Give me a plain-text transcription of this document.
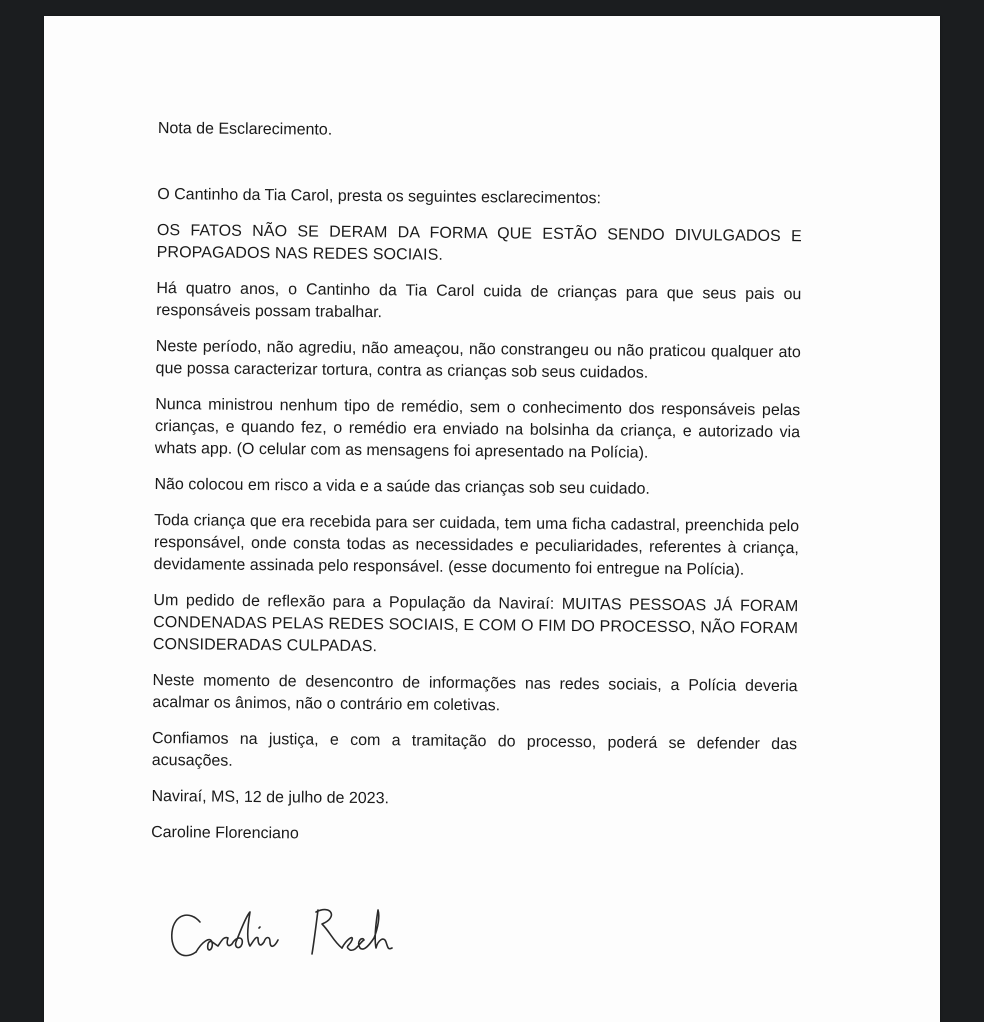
Nota de Esclarecimento.

O Cantinho da Tia Carol, presta os seguintes esclarecimentos:

OS FATOS NÃO SE DERAM DA FORMA QUE ESTÃO SENDO DIVULGADOS E PROPAGADOS NAS REDES SOCIAIS.

Há quatro anos, o Cantinho da Tia Carol cuida de crianças para que seus pais ou responsáveis possam trabalhar.

Neste período, não agrediu, não ameaçou, não constrangeu ou não praticou qualquer ato que possa caracterizar tortura, contra as crianças sob seus cuidados.

Nunca ministrou nenhum tipo de remédio, sem o conhecimento dos responsáveis pelas crianças, e quando fez, o remédio era enviado na bolsinha da criança, e autorizado via whats app. (O celular com as mensagens foi apresentado na Polícia).

Não colocou em risco a vida e a saúde das crianças sob seu cuidado.

Toda criança que era recebida para ser cuidada, tem uma ficha cadastral, preenchida pelo responsável, onde consta todas as necessidades e peculiaridades, referentes à criança, devidamente assinada pelo responsável. (esse documento foi entregue na Polícia).

Um pedido de reflexão para a População da Naviraí: MUITAS PESSOAS JÁ FORAM CONDENADAS PELAS REDES SOCIAIS, E COM O FIM DO PROCESSO, NÃO FORAM CONSIDERADAS CULPADAS.

Neste momento de desencontro de informações nas redes sociais, a Polícia deveria acalmar os ânimos, não o contrário em coletivas.

Confiamos na justiça, e com a tramitação do processo, poderá se defender das acusações.

Naviraí, MS, 12 de julho de 2023.

Caroline Florenciano
